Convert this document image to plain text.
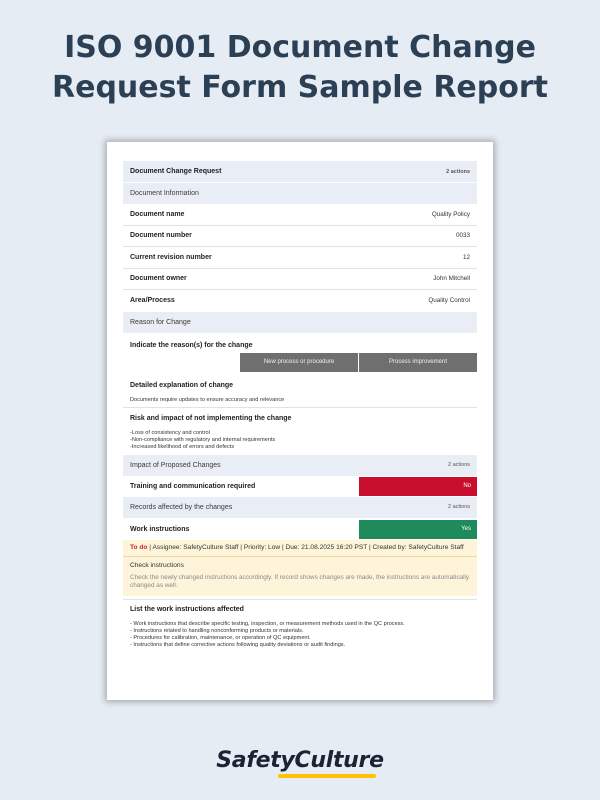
ISO 9001 Document Change
Request Form Sample Report
Document Change Request	2 actions
Document Information
Document name	Quality Policy
Document number	0033
Current revision number	12
Document owner	John Mitchell
Area/Process	Quality Control
Reason for Change
Indicate the reason(s) for the change
New process or procedure	Process improvement
Detailed explanation of change
Documents require updates to ensure accuracy and relevance
Risk and impact of not implementing the change
-Loss of consistency and control
-Non-compliance with regulatory and internal requirements
-Increased likelihood of errors and defects
Impact of Proposed Changes	2 actions
Training and communication required	No
Records affected by the changes	2 actions
Work instructions	Yes
To do | Assignee: SafetyCulture Staff | Priority: Low | Due: 21.08.2025 16:20 PST | Created by: SafetyCulture Staff
Check instructions
Check the newly changed instructions accordingly. If record shows changes are made, the instructions are automatically changed as well.
List the work instructions affected
- Work instructions that describe specific testing, inspection, or measurement methods used in the QC process.
- Instructions related to handling nonconforming products or materials.
- Procedures for calibration, maintenance, or operation of QC equipment.
- Instructions that define corrective actions following quality deviations or audit findings.
SafetyCulture
